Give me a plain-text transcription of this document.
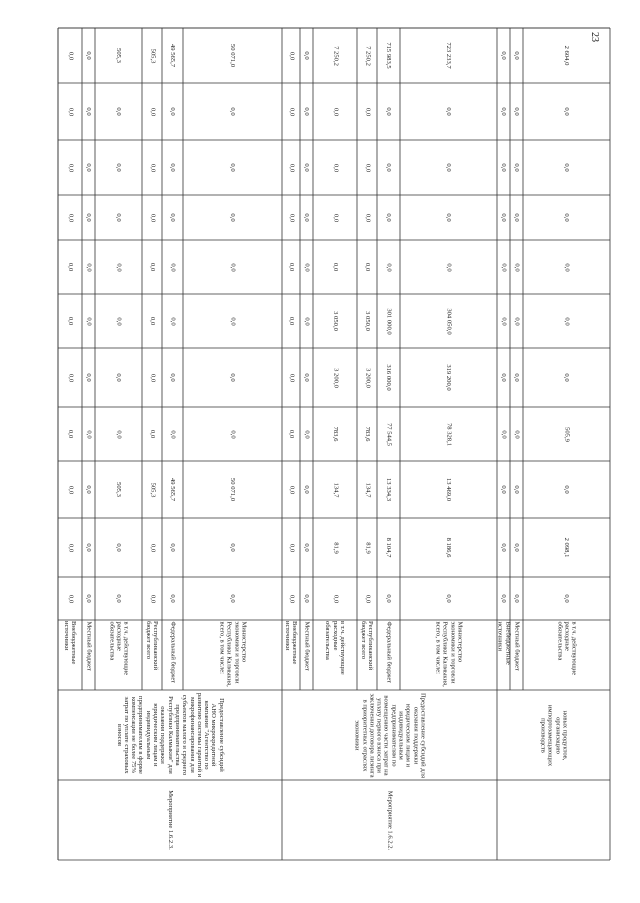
23
в т.ч. действующие расходные обязательства
0,0
2 098,1
0,0
505,9
0,0
0,0
0,0
0,0
0,0
0,0
2 604,0
Местный бюджет
0,0
0,0
0,0
0,0
0,0
0,0
0,0
0,0
0,0
0,0
0,0
Внебюджетные источники
0,0
0,0
0,0
0,0
0,0
0,0
0,0
0,0
0,0
0,0
0,0
Министерство экономики и торговли Республики Калмыкия, всего, в том числе:
0,0
8 186,6
13 469,0
78 328,1
319 200,0
304 050,0
0,0
0,0
0,0
0,0
723 233,7
Федеральный бюджет
0,0
8 104,7
13 334,3
77 544,5
316 000,0
301 000,0
0,0
0,0
0,0
0,0
715 983,5
Республиканский бюджет всего
0,0
81,9
134,7
783,6
3 200,0
3 050,0
0,0
0,0
0,0
0,0
7 250,2
в т.ч. действующие расходные обязательства
0,0
81,9
134,7
783,6
3 200,0
3 050,0
0,0
0,0
0,0
0,0
7 250,2
Местный бюджет
0,0
0,0
0,0
0,0
0,0
0,0
0,0
0,0
0,0
0,0
0,0
Внебюджетные источники
0,0
0,0
0,0
0,0
0,0
0,0
0,0
0,0
0,0
0,0
0,0
Министерство экономики и торговли Республики Калмыкия, всего, в том числе:
0,0
0,0
50 071,0
0,0
0,0
0,0
0,0
0,0
0,0
0,0
50 071,0
Федеральный бюджет
0,0
0,0
49 565,7
0,0
0,0
0,0
0,0
0,0
0,0
0,0
49 565,7
Республиканский бюджет всего
0,0
0,0
505,3
0,0
0,0
0,0
0,0
0,0
0,0
0,0
505,3
в т.ч. действующие расходные обязательства
0,0
0,0
505,3
0,0
0,0
0,0
0,0
0,0
0,0
0,0
505,3
Местный бюджет
0,0
0,0
0,0
0,0
0,0
0,0
0,0
0,0
0,0
0,0
0,0
Внебюджетные источники
0,0
0,0
0,0
0,0
0,0
0,0
0,0
0,0
0,0
0,0
0,0
новых продуктов, организацию импортозамещающих производств
Предоставление субсидий для оказания поддержки юридическим лицам и индивидуальным предпринимателям по возмещению части затрат на уплату первого взноса при заключении договора лизинга в приоритетных отраслях экономики
Предоставление субсидий АНО микрокредитной компании "Агентство по развитию системы гарантий и микрофинансирования для субъектов малого и среднего предпринимательства Республики Калмыкия" для оказания поддержки юридическим лицам и индивидуальным предпринимателям в форме компенсации не более 75% затрат по уплате страховых взносов
Мероприятие 1.6.2.2.
Мероприятие 1.6.2.3.
